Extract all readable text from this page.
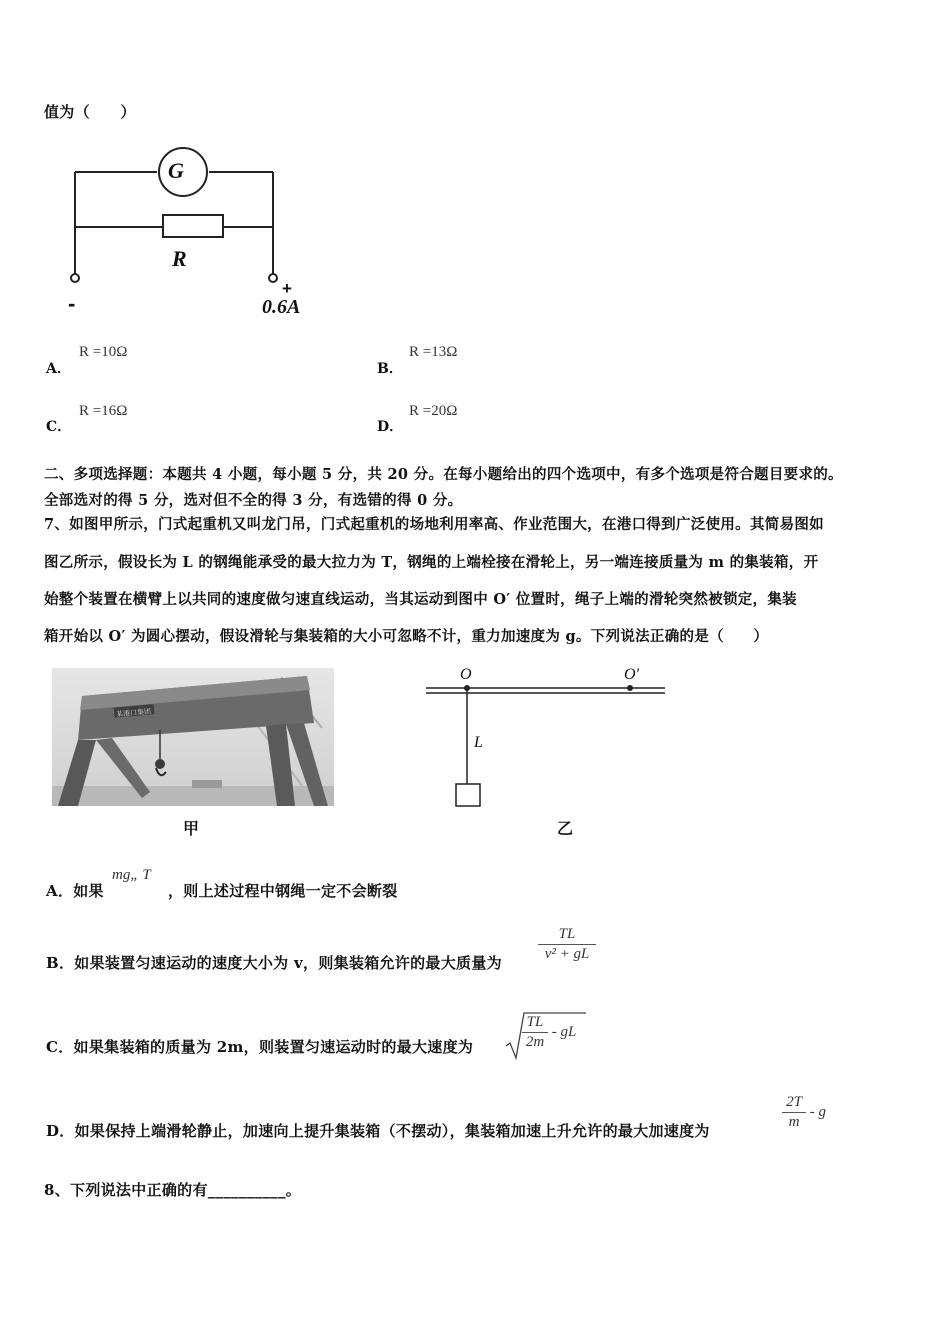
值为（　　）
G
R
-
+
0.6A
A．
R =10Ω
B．
R =13Ω
C．
R =16Ω
D．
R =20Ω
二、多项选择题：本题共 4 小题，每小题 5 分，共 20 分。在每小题给出的四个选项中，有多个选项是符合题目要求的。
全部选对的得 5 分，选对但不全的得 3 分，有选错的得 0 分。
7、如图甲所示，门式起重机又叫龙门吊，门式起重机的场地利用率高、作业范围大，在港口得到广泛使用。其简易图如
图乙所示，假设长为 L 的钢绳能承受的最大拉力为 T，钢绳的上端栓接在滑轮上，另一端连接质量为 m 的集装箱，开
始整个装置在横臂上以共同的速度做匀速直线运动，当其运动到图中 O′ 位置时，绳子上端的滑轮突然被锁定，集装
箱开始以 O′ 为圆心摆动，假设滑轮与集装箱的大小可忽略不计，重力加速度为 g。下列说法正确的是（　　）
某港口集团
甲
O	O′
L
乙
A．如果
mg„ T
，则上述过程中钢绳一定不会断裂
B．如果装置匀速运动的速度大小为 v，则集装箱允许的最大质量为 $\frac{TL}{\text{v² + gL}}$
C．如果集装箱的质量为 2m，则装置匀速运动时的最大速度为	$\frac{TL}{2m}$ - gL
D．如果保持上端滑轮静止，加速向上提升集装箱（不摆动），集装箱加速上升允许的最大加速度为	$\frac{2T}{m}$ - g
8、下列说法中正确的有__________。
